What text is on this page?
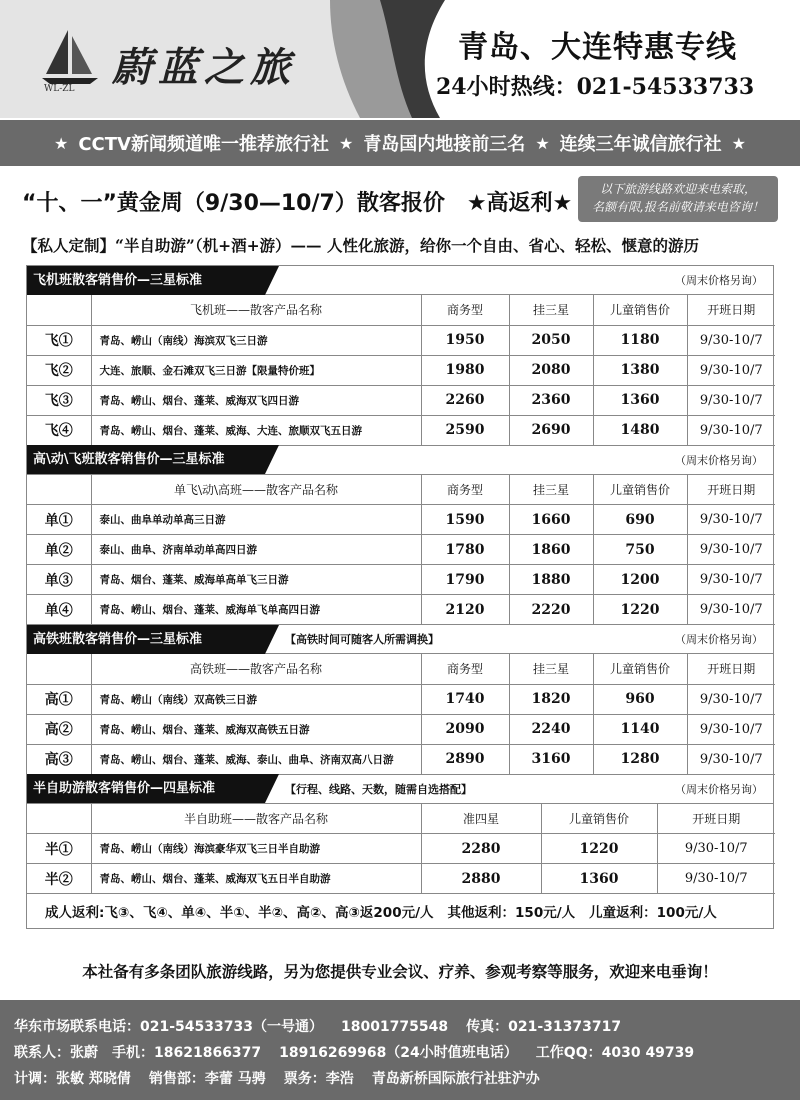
WL-ZL 蔚蓝之旅	青岛、大连特惠专线
24小时热线：021-54533733
★ CCTV新闻频道唯一推荐旅行社 ★ 青岛国内地接前三名 ★ 连续三年诚信旅行社 ★
“十、一”黄金周（9/30—10/7）散客报价　★高返利★
以下旅游线路欢迎来电索取，
名额有限,报名前敬请来电咨询！
【私人定制】“半自助游”（机+酒+游）—— 人性化旅游，给你一个自由、省心、轻松、惬意的游历
飞机班散客销售价—三星标准	（周末价格另询）
	飞机班——散客产品名称	商务型	挂三星	儿童销售价	开班日期
飞①	青岛、崂山（南线）海滨双飞三日游	1950	2050	1180	9/30-10/7
飞②	大连、旅顺、金石滩双飞三日游【限量特价班】	1980	2080	1380	9/30-10/7
飞③	青岛、崂山、烟台、蓬莱、威海双飞四日游	2260	2360	1360	9/30-10/7
飞④	青岛、崂山、烟台、蓬莱、威海、大连、旅顺双飞五日游	2590	2690	1480	9/30-10/7
高\动\飞班散客销售价—三星标准	（周末价格另询）
	单飞\动\高班——散客产品名称	商务型	挂三星	儿童销售价	开班日期
单①	泰山、曲阜单动单高三日游	1590	1660	690	9/30-10/7
单②	泰山、曲阜、济南单动单高四日游	1780	1860	750	9/30-10/7
单③	青岛、烟台、蓬莱、威海单高单飞三日游	1790	1880	1200	9/30-10/7
单④	青岛、崂山、烟台、蓬莱、威海单飞单高四日游	2120	2220	1220	9/30-10/7
高铁班散客销售价—三星标准	【高铁时间可随客人所需调换】	（周末价格另询）
	高铁班——散客产品名称	商务型	挂三星	儿童销售价	开班日期
高①	青岛、崂山（南线）双高铁三日游	1740	1820	960	9/30-10/7
高②	青岛、崂山、烟台、蓬莱、威海双高铁五日游	2090	2240	1140	9/30-10/7
高③	青岛、崂山、烟台、蓬莱、威海、泰山、曲阜、济南双高八日游	2890	3160	1280	9/30-10/7
半自助游散客销售价—四星标准	【行程、线路、天数，随需自选搭配】	（周末价格另询）
	半自助班——散客产品名称	准四星	儿童销售价	开班日期
半①	青岛、崂山（南线）海滨豪华双飞三日半自助游	2280	1220	9/30-10/7
半②	青岛、崂山、烟台、蓬莱、威海双飞五日半自助游	2880	1360	9/30-10/7
成人返利:飞③、飞④、单④、半①、半②、高②、高③返200元/人 其他返利：150元/人 儿童返利：100元/人
本社备有多条团队旅游线路，另为您提供专业会议、疗养、参观考察等服务，欢迎来电垂询！
华东市场联系电话：021-54533733（一号通） 18001775548 传真：021-31373717
联系人：张蔚　手机：18621866377 18916269968（24小时值班电话） 工作QQ：4030 49739
计调：张敏 郑晓倩 销售部：李蕾 马骋 票务：李浩 青岛新桥国际旅行社驻沪办
